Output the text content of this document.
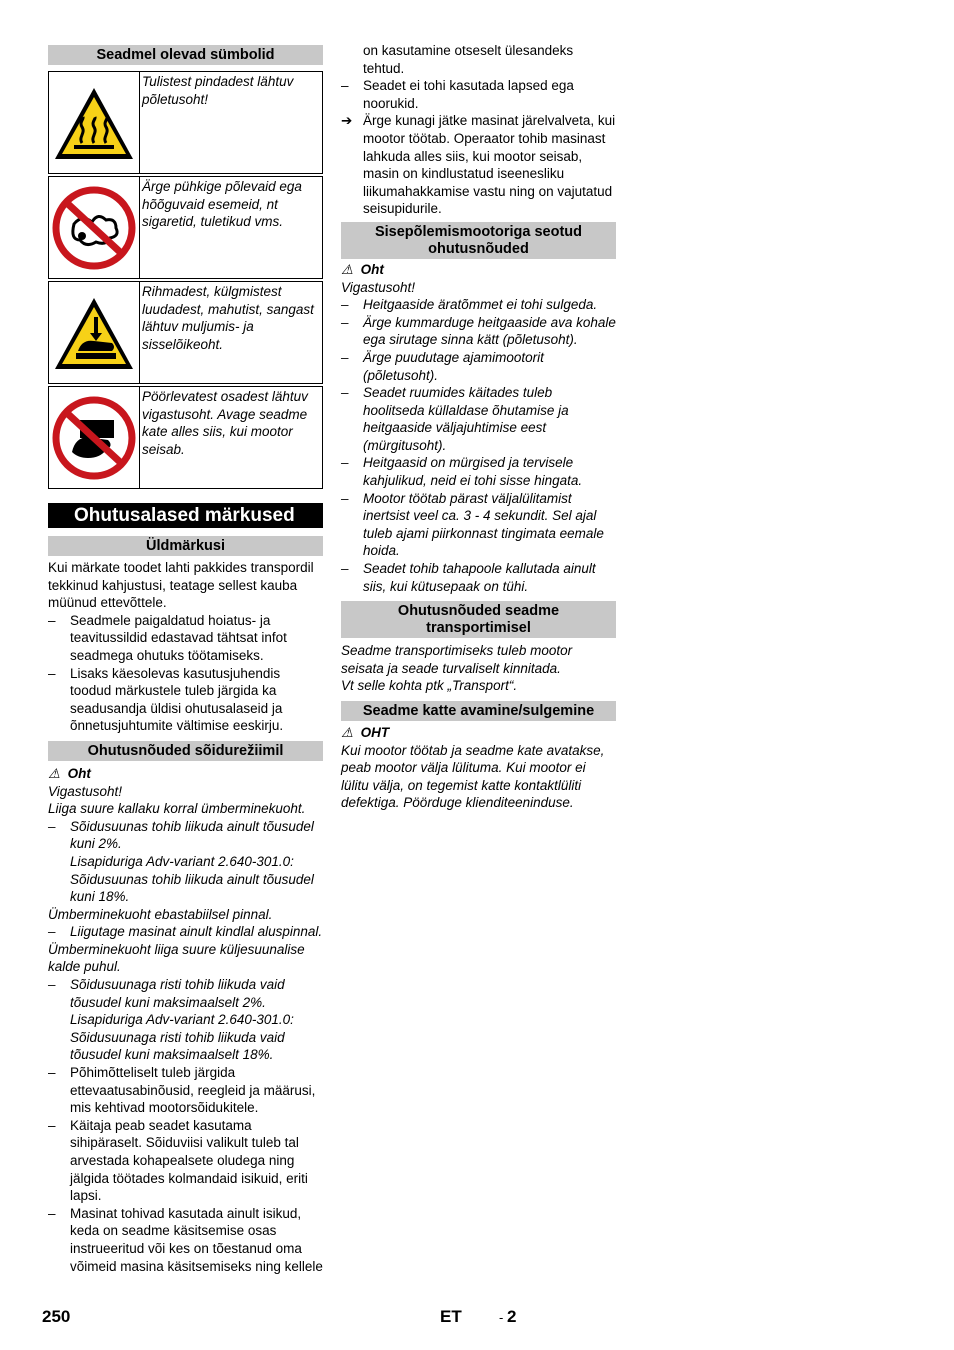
Seadmel olevad sümbolid
Tulistest pindadest lähtuv põletusoht!
Ärge pühkige põlevaid ega hõõguvaid esemeid, nt sigaretid, tuletikud vms.
Rihmadest, külgmistest luudadest, mahutist, sangast lähtuv muljumis- ja sisselõikeoht.
Pöörlevatest osadest lähtuv vigastusoht. Avage seadme kate alles siis, kui mootor seisab.
Ohutusalased märkused
Üldmärkusi

Kui märkate toodet lahti pakkides transpordil tekkinud kahjustusi, teatage sellest kauba müünud ettevõttele.

– Seadmele paigaldatud hoiatus- ja teavitussildid edastavad tähtsat infot seadmega ohutuks töötamiseks.
– Lisaks käesolevas kasutusjuhendis toodud märkustele tuleb järgida ka seadusandja üldisi ohutusalaseid ja õnnetusjuhtumite vältimise eeskirju.
Ohutusnõuded sõidurežiimil
⚠ Oht

Vigastusoht!

Liiga suure kallaku korral ümberminekuoht.

– Sõidusuunas tohib liikuda ainult tõusudel kuni 2%.
Lisapiduriga Adv-variant 2.640-301.0: Sõidusuunas tohib liikuda ainult tõusudel kuni 18%.

Ümberminekuoht ebastabiilsel pinnal.

– Liigutage masinat ainult kindlal aluspinnal.

Ümberminekuoht liiga suure küljesuunalise kalde puhul.

– Sõidusuunaga risti tohib liikuda vaid tõusudel kuni maksimaalselt 2%.
Lisapiduriga Adv-variant 2.640-301.0: Sõidusuunaga risti tohib liikuda vaid tõusudel kuni maksimaalselt 18%.
– Põhimõtteliselt tuleb järgida ettevaatusabinõusid, reegleid ja määrusi, mis kehtivad mootorsõidukitele.
– Käitaja peab seadet kasutama sihipäraselt. Sõiduviisi valikult tuleb tal arvestada kohapealsete oludega ning jälgida töötades kolmandaid isikuid, eriti lapsi.
– Masinat tohivad kasutada ainult isikud, keda on seadme käsitsemise osas instrueeritud või kes on tõestanud oma võimeid masina käsitsemiseks ning kellele
on kasutamine otseselt ülesandeks tehtud.
– Seadet ei tohi kasutada lapsed ega noorukid.
➔ Ärge kunagi jätke masinat järelvalveta, kui mootor töötab. Operaator tohib masinast lahkuda alles siis, kui mootor seisab, masin on kindlustatud iseenesliku liikumahakkamise vastu ning on vajutatud seisupidurile.
Sisepõlemismootoriga seotud ohutusnõuded
⚠ Oht

Vigastusoht!

– Heitgaaside äratõmmet ei tohi sulgeda.
– Ärge kummarduge heitgaaside ava kohale ega sirutage sinna kätt (põletusoht).
– Ärge puudutage ajamimootorit (põletusoht).
– Seadet ruumides käitades tuleb hoolitseda küllaldase õhutamise ja heitgaaside väljajuhtimise eest (mürgitusoht).
– Heitgaasid on mürgised ja tervisele kahjulikud, neid ei tohi sisse hingata.
– Mootor töötab pärast väljalülitamist inertsist veel ca. 3 - 4 sekundit. Sel ajal tuleb ajami piirkonnast tingimata eemale hoida.
– Seadet tohib tahapoole kallutada ainult siis, kui kütusepaak on tühi.
Ohutusnõuded seadme transportimisel

Seadme transportimiseks tuleb mootor seisata ja seade turvaliselt kinnitada.

Vt selle kohta ptk „Transport“.

Seadme katte avamine/sulgemine
⚠ OHT

Kui mootor töötab ja seadme kate avatakse, peab mootor välja lülituma. Kui mootor ei lülitu välja, on tegemist katte kontaktlüliti defektiga. Pöörduge klienditeeninduse.

250	ET	- 2
